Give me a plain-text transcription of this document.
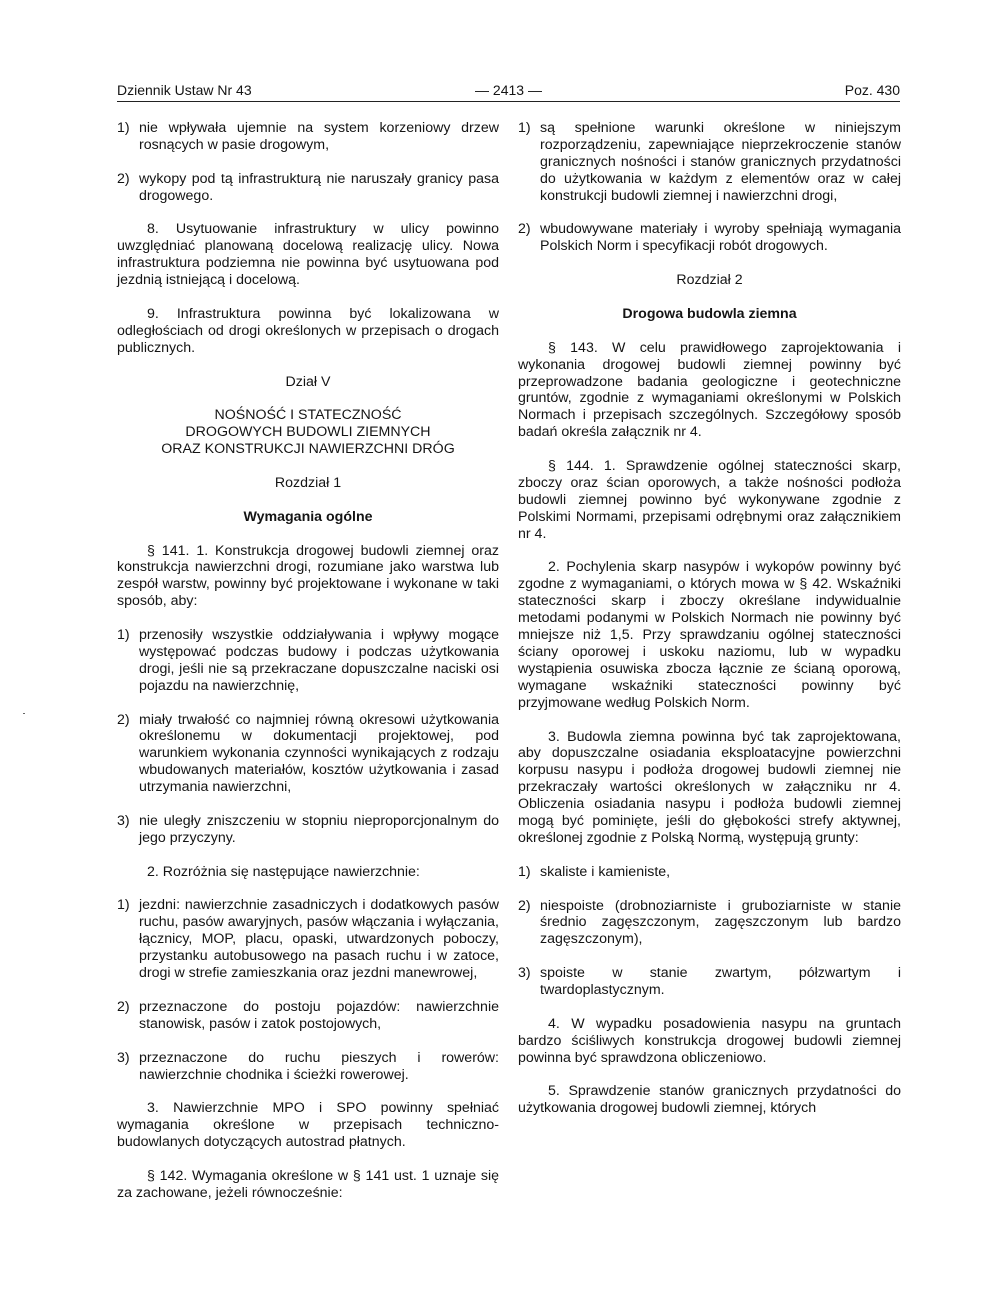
Dziennik Ustaw Nr 43	— 2413 —	Poz. 430
1) nie wpływała ujemnie na system korzeniowy drzew rosnących w pasie drogowym,

2) wykopy pod tą infrastrukturą nie naruszały granicy pasa drogowego.

8. Usytuowanie infrastruktury w ulicy powinno uwzględniać planowaną docelową realizację ulicy. Nowa infrastruktura podziemna nie powinna być usytuowana pod jezdnią istniejącą i docelową.

9. Infrastruktura powinna być lokalizowana w odległościach od drogi określonych w przepisach o drogach publicznych.

Dział V

NOŚNOŚĆ I STATECZNOŚĆ
DROGOWYCH BUDOWLI ZIEMNYCH
ORAZ KONSTRUKCJI NAWIERZCHNI DRÓG

Rozdział 1

Wymagania ogólne

§ 141. 1. Konstrukcja drogowej budowli ziemnej oraz konstrukcja nawierzchni drogi, rozumiane jako warstwa lub zespół warstw, powinny być projektowane i wykonane w taki sposób, aby:

1) przenosiły wszystkie oddziaływania i wpływy mogące występować podczas budowy i podczas użytkowania drogi, jeśli nie są przekraczane dopuszczalne naciski osi pojazdu na nawierzchnię,

2) miały trwałość co najmniej równą okresowi użytkowania określonemu w dokumentacji projektowej, pod warunkiem wykonania czynności wynikających z rodzaju wbudowanych materiałów, kosztów użytkowania i zasad utrzymania nawierzchni,

3) nie uległy zniszczeniu w stopniu nieproporcjonalnym do jego przyczyny.

2. Rozróżnia się następujące nawierzchnie:

1) jezdni: nawierzchnie zasadniczych i dodatkowych pasów ruchu, pasów awaryjnych, pasów włączania i wyłączania, łącznicy, MOP, placu, opaski, utwardzonych poboczy, przystanku autobusowego na pasach ruchu i w zatoce, drogi w strefie zamieszkania oraz jezdni manewrowej,

2) przeznaczone do postoju pojazdów: nawierzchnie stanowisk, pasów i zatok postojowych,

3) przeznaczone do ruchu pieszych i rowerów: nawierzchnie chodnika i ścieżki rowerowej.

3. Nawierzchnie MPO i SPO powinny spełniać wymagania określone w przepisach techniczno-budowlanych dotyczących autostrad płatnych.

§ 142. Wymagania określone w § 141 ust. 1 uznaje się za zachowane, jeżeli równocześnie:

1) są spełnione warunki określone w niniejszym rozporządzeniu, zapewniające nieprzekroczenie stanów granicznych nośności i stanów granicznych przydatności do użytkowania w każdym z elementów oraz w całej konstrukcji budowli ziemnej i nawierzchni drogi,

2) wbudowywane materiały i wyroby spełniają wymagania Polskich Norm i specyfikacji robót drogowych.

Rozdział 2

Drogowa budowla ziemna

§ 143. W celu prawidłowego zaprojektowania i wykonania drogowej budowli ziemnej powinny być przeprowadzone badania geologiczne i geotechniczne gruntów, zgodnie z wymaganiami określonymi w Polskich Normach i przepisach szczególnych. Szczegółowy sposób badań określa załącznik nr 4.

§ 144. 1. Sprawdzenie ogólnej stateczności skarp, zboczy oraz ścian oporowych, a także nośności podłoża budowli ziemnej powinno być wykonywane zgodnie z Polskimi Normami, przepisami odrębnymi oraz załącznikiem nr 4.

2. Pochylenia skarp nasypów i wykopów powinny być zgodne z wymaganiami, o których mowa w § 42. Wskaźniki stateczności skarp i zboczy określane indywidualnie metodami podanymi w Polskich Normach nie powinny być mniejsze niż 1,5. Przy sprawdzaniu ogólnej stateczności ściany oporowej i uskoku naziomu, lub w wypadku wystąpienia osuwiska zbocza łącznie ze ścianą oporową, wymagane wskaźniki stateczności powinny być przyjmowane według Polskich Norm.

3. Budowla ziemna powinna być tak zaprojektowana, aby dopuszczalne osiadania eksploatacyjne powierzchni korpusu nasypu i podłoża drogowej budowli ziemnej nie przekraczały wartości określonych w załączniku nr 4. Obliczenia osiadania nasypu i podłoża budowli ziemnej mogą być pominięte, jeśli do głębokości strefy aktywnej, określonej zgodnie z Polską Normą, występują grunty:

1) skaliste i kamieniste,

2) niespoiste (drobnoziarniste i gruboziarniste w stanie średnio zagęszczonym, zagęszczonym lub bardzo zagęszczonym),

3) spoiste w stanie zwartym, półzwartym i twardoplastycznym.

4. W wypadku posadowienia nasypu na gruntach bardzo ściśliwych konstrukcja drogowej budowli ziemnej powinna być sprawdzona obliczeniowo.

5. Sprawdzenie stanów granicznych przydatności do użytkowania drogowej budowli ziemnej, których
